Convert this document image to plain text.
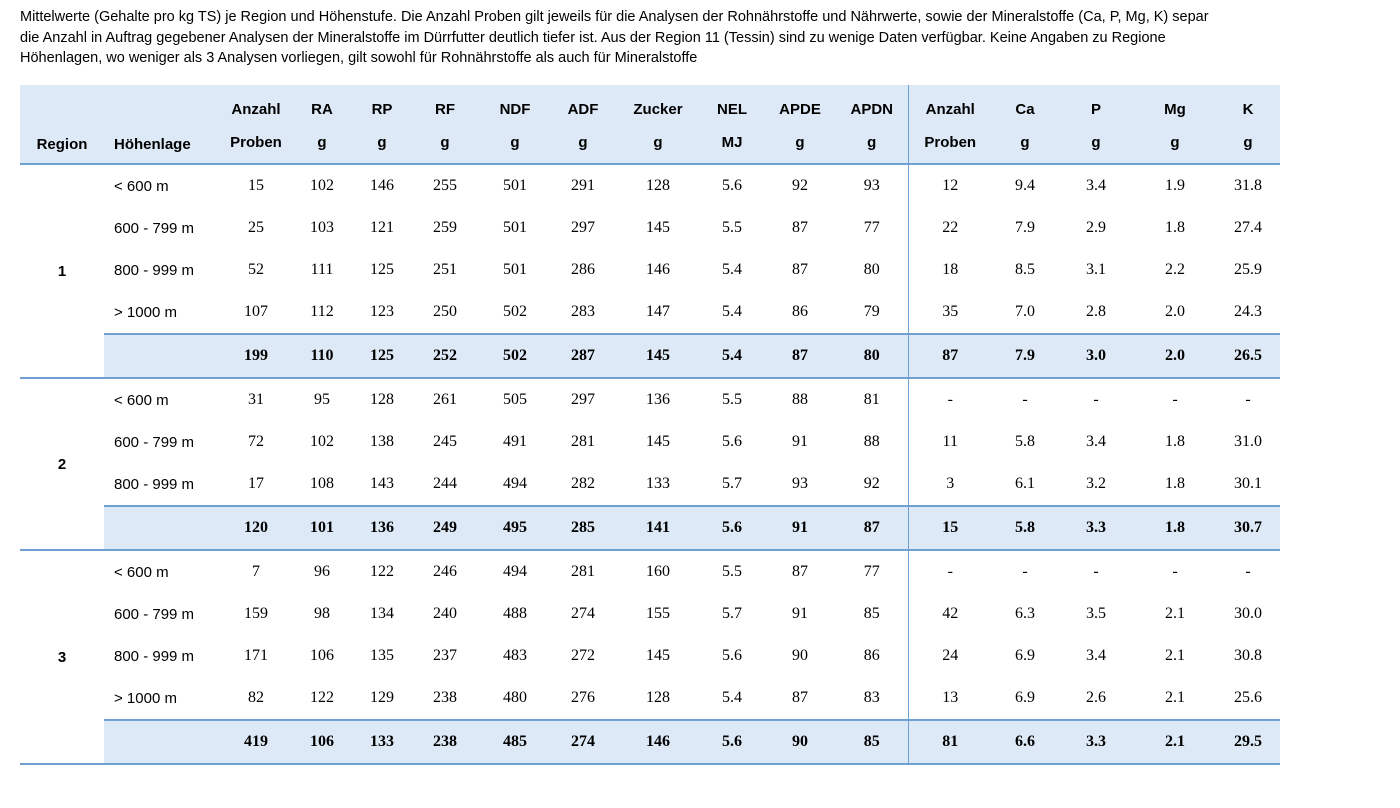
Mittelwerte (Gehalte pro kg TS) je Region und Höhenstufe. Die Anzahl Proben gilt jeweils für die Analysen der Rohnährstoffe und Nährwerte, sowie der Mineralstoffe (Ca, P, Mg, K) separ
die Anzahl in Auftrag gegebener Analysen der Mineralstoffe im Dürrfutter deutlich tiefer ist. Aus der Region 11 (Tessin) sind zu wenige Daten verfügbar. Keine Angaben zu Regione
Höhenlagen, wo weniger als 3 Analysen vorliegen, gilt sowohl für Rohnährstoffe als auch für Mineralstoffe
Region	Höhenlage	Anzahl	RA	RP	RF	NDF	ADF	Zucker	NEL	APDE	APDN	Anzahl	Ca	P	Mg	K
		Proben	g	g	g	g	g	g	MJ	g	g	Proben	g	g	g	g
1	< 600 m	15	102	146	255	501	291	128	5.6	92	93	12	9.4	3.4	1.9	31.8
	600 - 799 m	25	103	121	259	501	297	145	5.5	87	77	22	7.9	2.9	1.8	27.4
	800 - 999 m	52	111	125	251	501	286	146	5.4	87	80	18	8.5	3.1	2.2	25.9
	> 1000 m	107	112	123	250	502	283	147	5.4	86	79	35	7.0	2.8	2.0	24.3
		199	110	125	252	502	287	145	5.4	87	80	87	7.9	3.0	2.0	26.5
2	< 600 m	31	95	128	261	505	297	136	5.5	88	81	-	-	-	-	-
	600 - 799 m	72	102	138	245	491	281	145	5.6	91	88	11	5.8	3.4	1.8	31.0
	800 - 999 m	17	108	143	244	494	282	133	5.7	93	92	3	6.1	3.2	1.8	30.1
		120	101	136	249	495	285	141	5.6	91	87	15	5.8	3.3	1.8	30.7
3	< 600 m	7	96	122	246	494	281	160	5.5	87	77	-	-	-	-	-
	600 - 799 m	159	98	134	240	488	274	155	5.7	91	85	42	6.3	3.5	2.1	30.0
	800 - 999 m	171	106	135	237	483	272	145	5.6	90	86	24	6.9	3.4	2.1	30.8
	> 1000 m	82	122	129	238	480	276	128	5.4	87	83	13	6.9	2.6	2.1	25.6
		419	106	133	238	485	274	146	5.6	90	85	81	6.6	3.3	2.1	29.5
